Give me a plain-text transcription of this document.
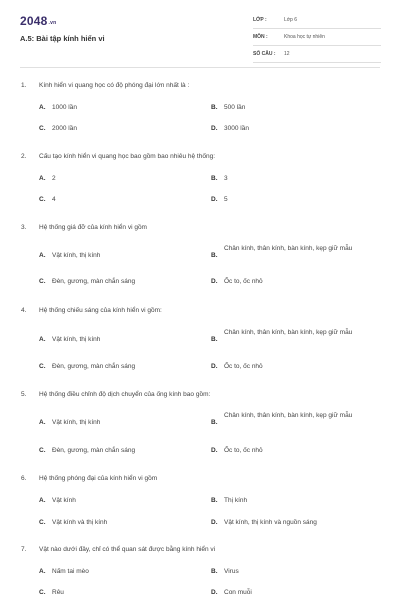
2048.vn
A.5: Bài tập kính hiển vi
LỚP :	Lớp 6
MÔN :	Khoa học tự nhiên
SỐ CÂU : 12
1. Kính hiển vi quang học có độ phóng đại lớn nhất là :
A. 1000 lần	B. 500 lần
C. 2000 lần	D. 3000 lần
2. Cấu tạo kính hiển vi quang học bao gồm bao nhiêu hệ thống:
A. 2	B. 3
C. 4	D. 5
3. Hệ thống giá đỡ của kính hiển vi gồm
A. Vật kính, thị kính	B.
Chân kính, thân kính, bàn kính, kẹp giữ mẫu
C. Đèn, gương, màn chắn sáng	D. Ốc to, ốc nhỏ
4. Hệ thống chiếu sáng của kính hiển vi gồm:
A. Vật kính, thị kính	B.
Chân kính, thân kính, bàn kính, kẹp giữ mẫu
C. Đèn, gương, màn chắn sáng	D. Ốc to, ốc nhỏ
5. Hệ thống điều chỉnh độ dịch chuyển của ống kính bao gồm:
A. Vật kính, thị kính	B.
Chân kính, thân kính, bàn kính, kẹp giữ mẫu
C. Đèn, gương, màn chắn sáng	D. Ốc to, ốc nhỏ
6. Hệ thống phóng đại của kính hiển vi gồm
A. Vật kính	B. Thị kính
C. Vật kính và thị kính	D. Vật kính, thị kính và nguồn sáng
7. Vật nào dưới đây, chỉ có thể quan sát được bằng kính hiển vi
A. Nấm tai mèo	B. Virus
C. Rêu	D. Con muỗi
